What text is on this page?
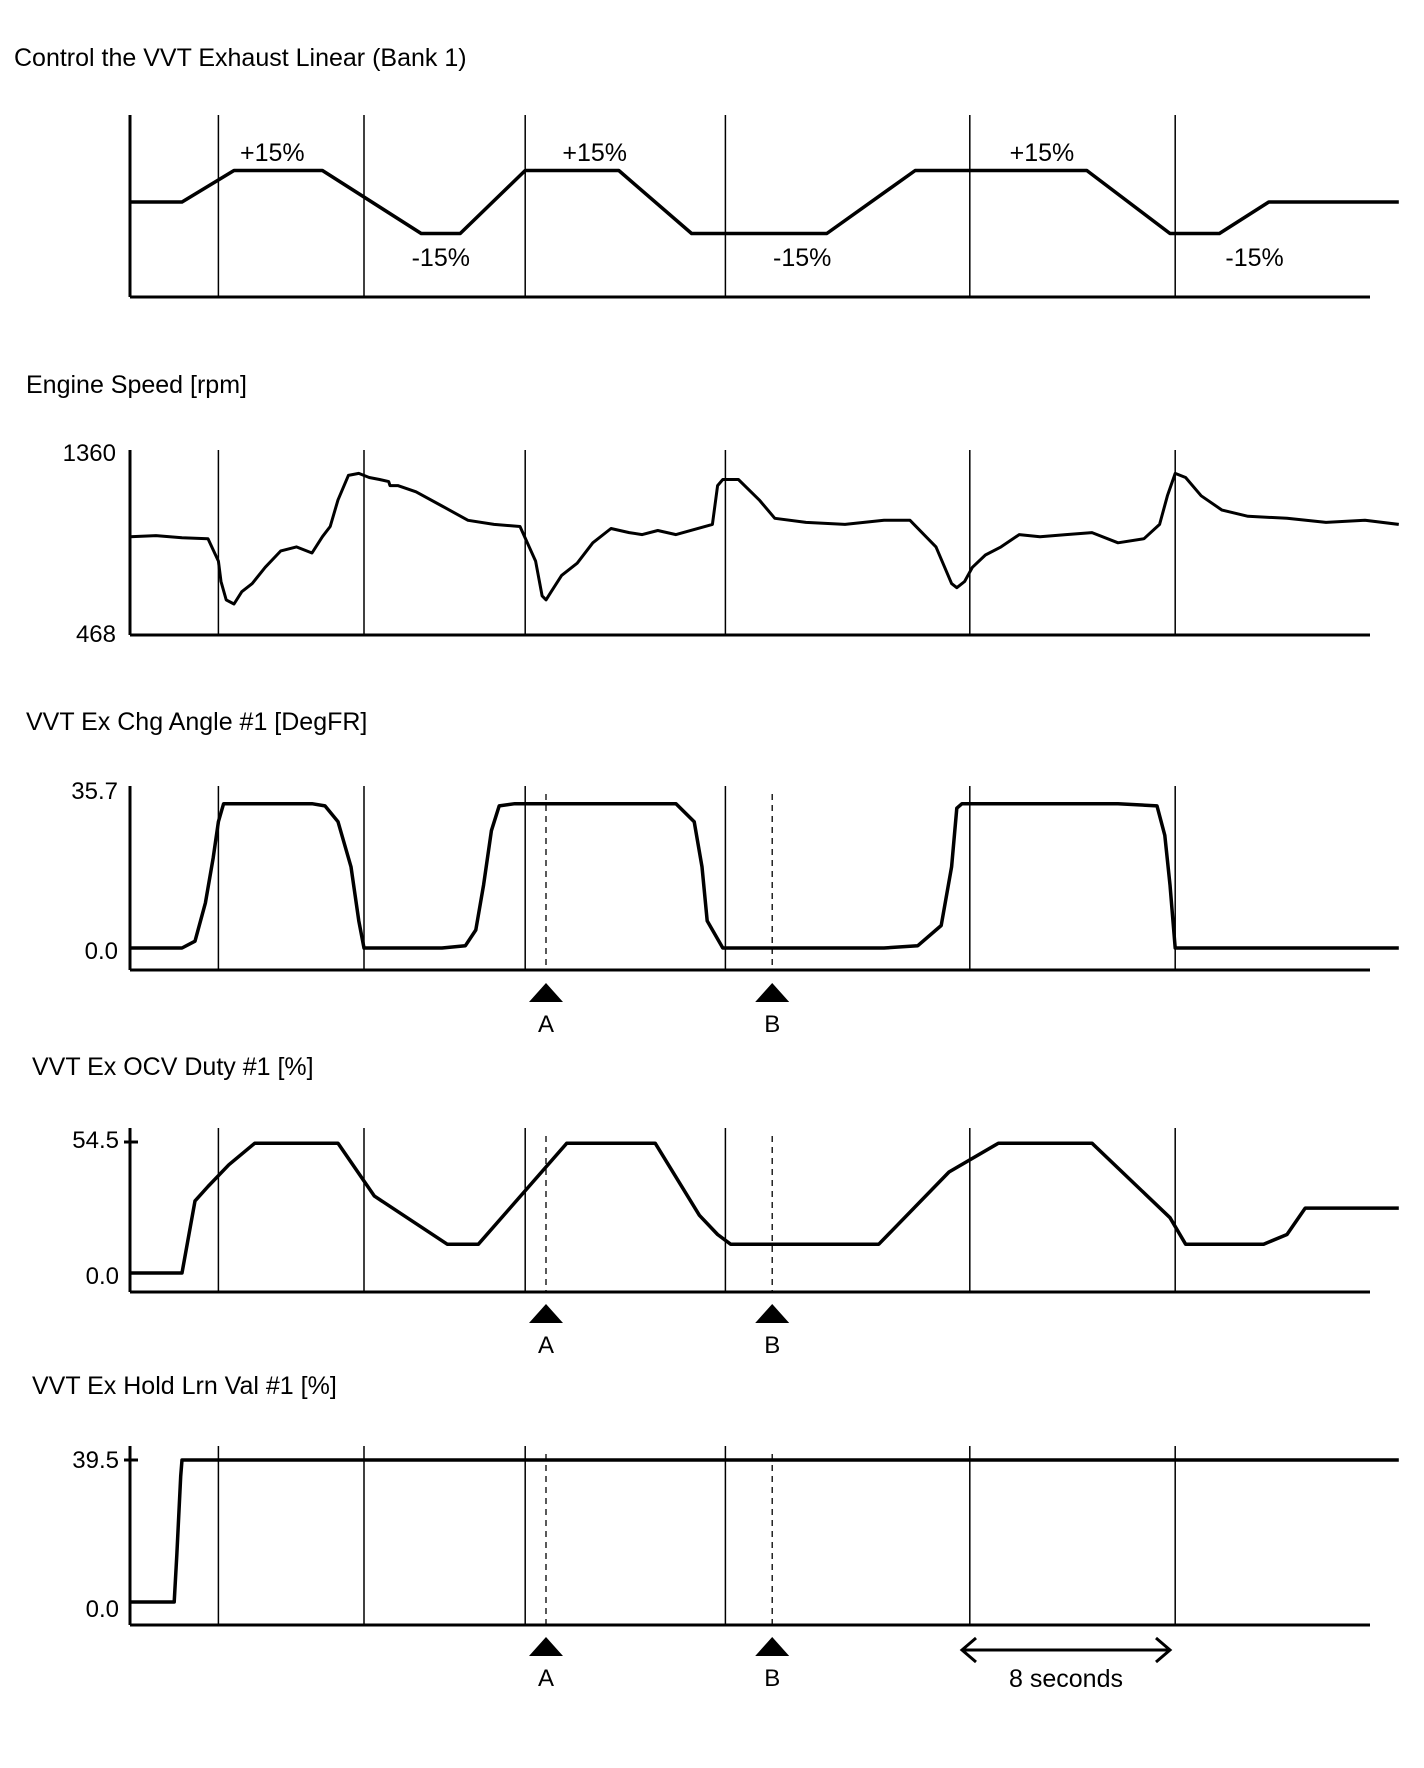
Control the VVT Exhaust Linear (Bank 1)
+15%
-15%
+15%
-15%
+15%
-15%
Engine Speed [rpm]
1360
468
VVT Ex Chg Angle #1 [DegFR]
35.7
0.0
A	B
VVT Ex OCV Duty #1 [%]
54.5
0.0
A	B
VVT Ex Hold Lrn Val #1 [%]
39.5
0.0
A	B	8 seconds
